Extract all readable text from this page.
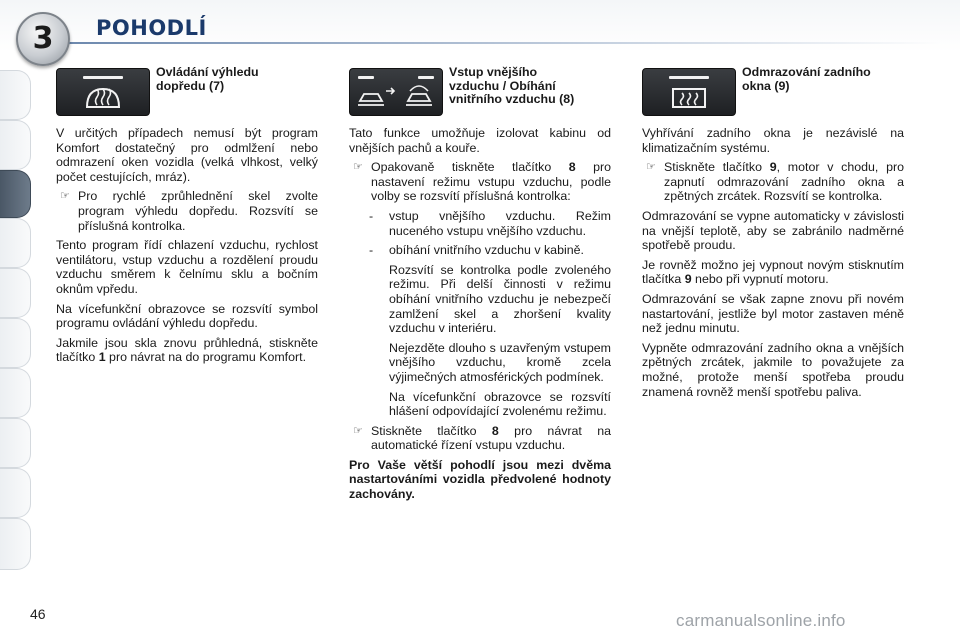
3	POHODLÍ
Ovládání výhledu dopředu (7)

V určitých případech nemusí být program Komfort dostatečný pro odmlžení nebo odmrazení oken vozidla (velká vlhkost, velký počet cestujících, mráz).

☞ Pro rychlé zprůhlednění skel zvolte program výhledu dopředu. Rozsvítí se příslušná kontrolka.

Tento program řídí chlazení vzduchu, rychlost ventilátoru, vstup vzduchu a rozdělení proudu vzduchu směrem k čelnímu sklu a bočním oknům vpředu.

Na vícefunkční obrazovce se rozsvítí symbol programu ovládání výhledu dopředu.

Jakmile jsou skla znovu průhledná, stiskněte tlačítko 1 pro návrat na do programu Komfort.

Vstup vnějšího vzduchu / Obíhání vnitřního vzduchu (8)

Tato funkce umožňuje izolovat kabinu od vnějších pachů a kouře.

☞ Opakovaně tiskněte tlačítko 8 pro nastavení režimu vstupu vzduchu, podle volby se rozsvítí příslušná kontrolka:
- vstup vnějšího vzduchu. Režim nuceného vstupu vnějšího vzduchu.
- obíhání vnitřního vzduchu v kabině.

Rozsvítí se kontrolka podle zvoleného režimu. Při delší činnosti v režimu obíhání vnitřního vzduchu je nebezpečí zamlžení skel a zhoršení kvality vzduchu v interiéru.

Nejezděte dlouho s uzavřeným vstupem vnějšího vzduchu, kromě zcela výjimečných atmosférických podmínek.

Na vícefunkční obrazovce se rozsvítí hlášení odpovídající zvolenému režimu.

☞ Stiskněte tlačítko 8 pro návrat na automatické řízení vstupu vzduchu.

Pro Vaše větší pohodlí jsou mezi dvěma nastartováními vozidla předvolené hodnoty zachovány.

Odmrazování zadního okna (9)

Vyhřívání zadního okna je nezávislé na klimatizačním systému.

☞ Stiskněte tlačítko 9, motor v chodu, pro zapnutí odmrazování zadního okna a zpětných zrcátek. Rozsvítí se kontrolka.

Odmrazování se vypne automaticky v závislosti na vnější teplotě, aby se zabránilo nadměrné spotřebě proudu.

Je rovněž možno jej vypnout novým stisknutím tlačítka 9 nebo při vypnutí motoru.

Odmrazování se však zapne znovu při novém nastartování, jestliže byl motor zastaven méně než jednu minutu.

Vypněte odmrazování zadního okna a vnějších zpětných zrcátek, jakmile to považujete za možné, protože menší spotřeba proudu znamená rovněž menší spotřebu paliva.

46	carmanualsonline.info
